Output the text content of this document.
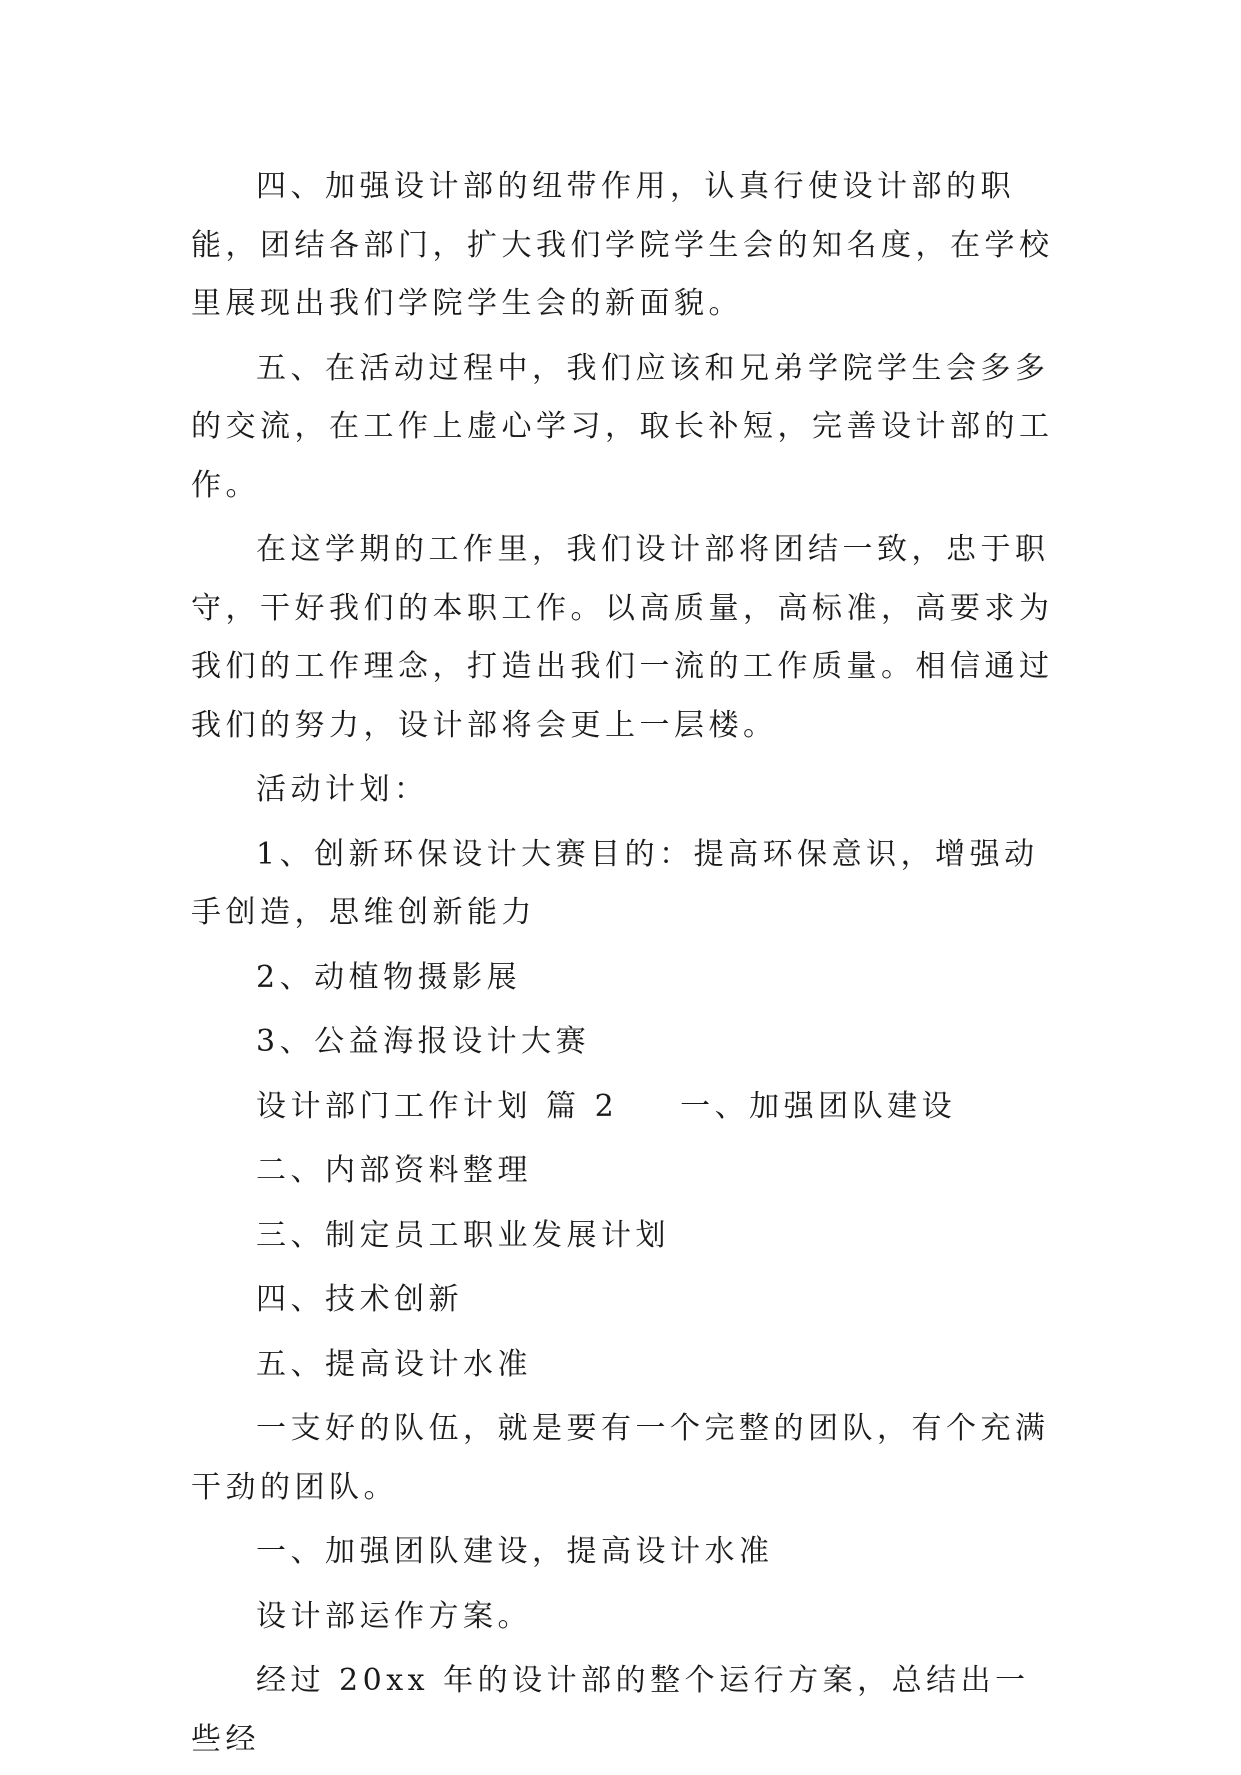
四、加强设计部的纽带作用，认真行使设计部的职能，团结各部门，扩大我们学院学生会的知名度，在学校里展现出我们学院学生会的新面貌。

五、在活动过程中，我们应该和兄弟学院学生会多多的交流，在工作上虚心学习，取长补短，完善设计部的工作。

在这学期的工作里，我们设计部将团结一致，忠于职守，干好我们的本职工作。以高质量，高标准，高要求为我们的工作理念，打造出我们一流的工作质量。相信通过我们的努力，设计部将会更上一层楼。

活动计划：

1、创新环保设计大赛目的：提高环保意识，增强动手创造，思维创新能力

2、动植物摄影展

3、公益海报设计大赛

设计部门工作计划 篇 2 一、加强团队建设

二、内部资料整理

三、制定员工职业发展计划

四、技术创新

五、提高设计水准

一支好的队伍，就是要有一个完整的团队，有个充满干劲的团队。

一、加强团队建设，提高设计水准

设计部运作方案。

经过 20xx 年的设计部的整个运行方案，总结出一些经
